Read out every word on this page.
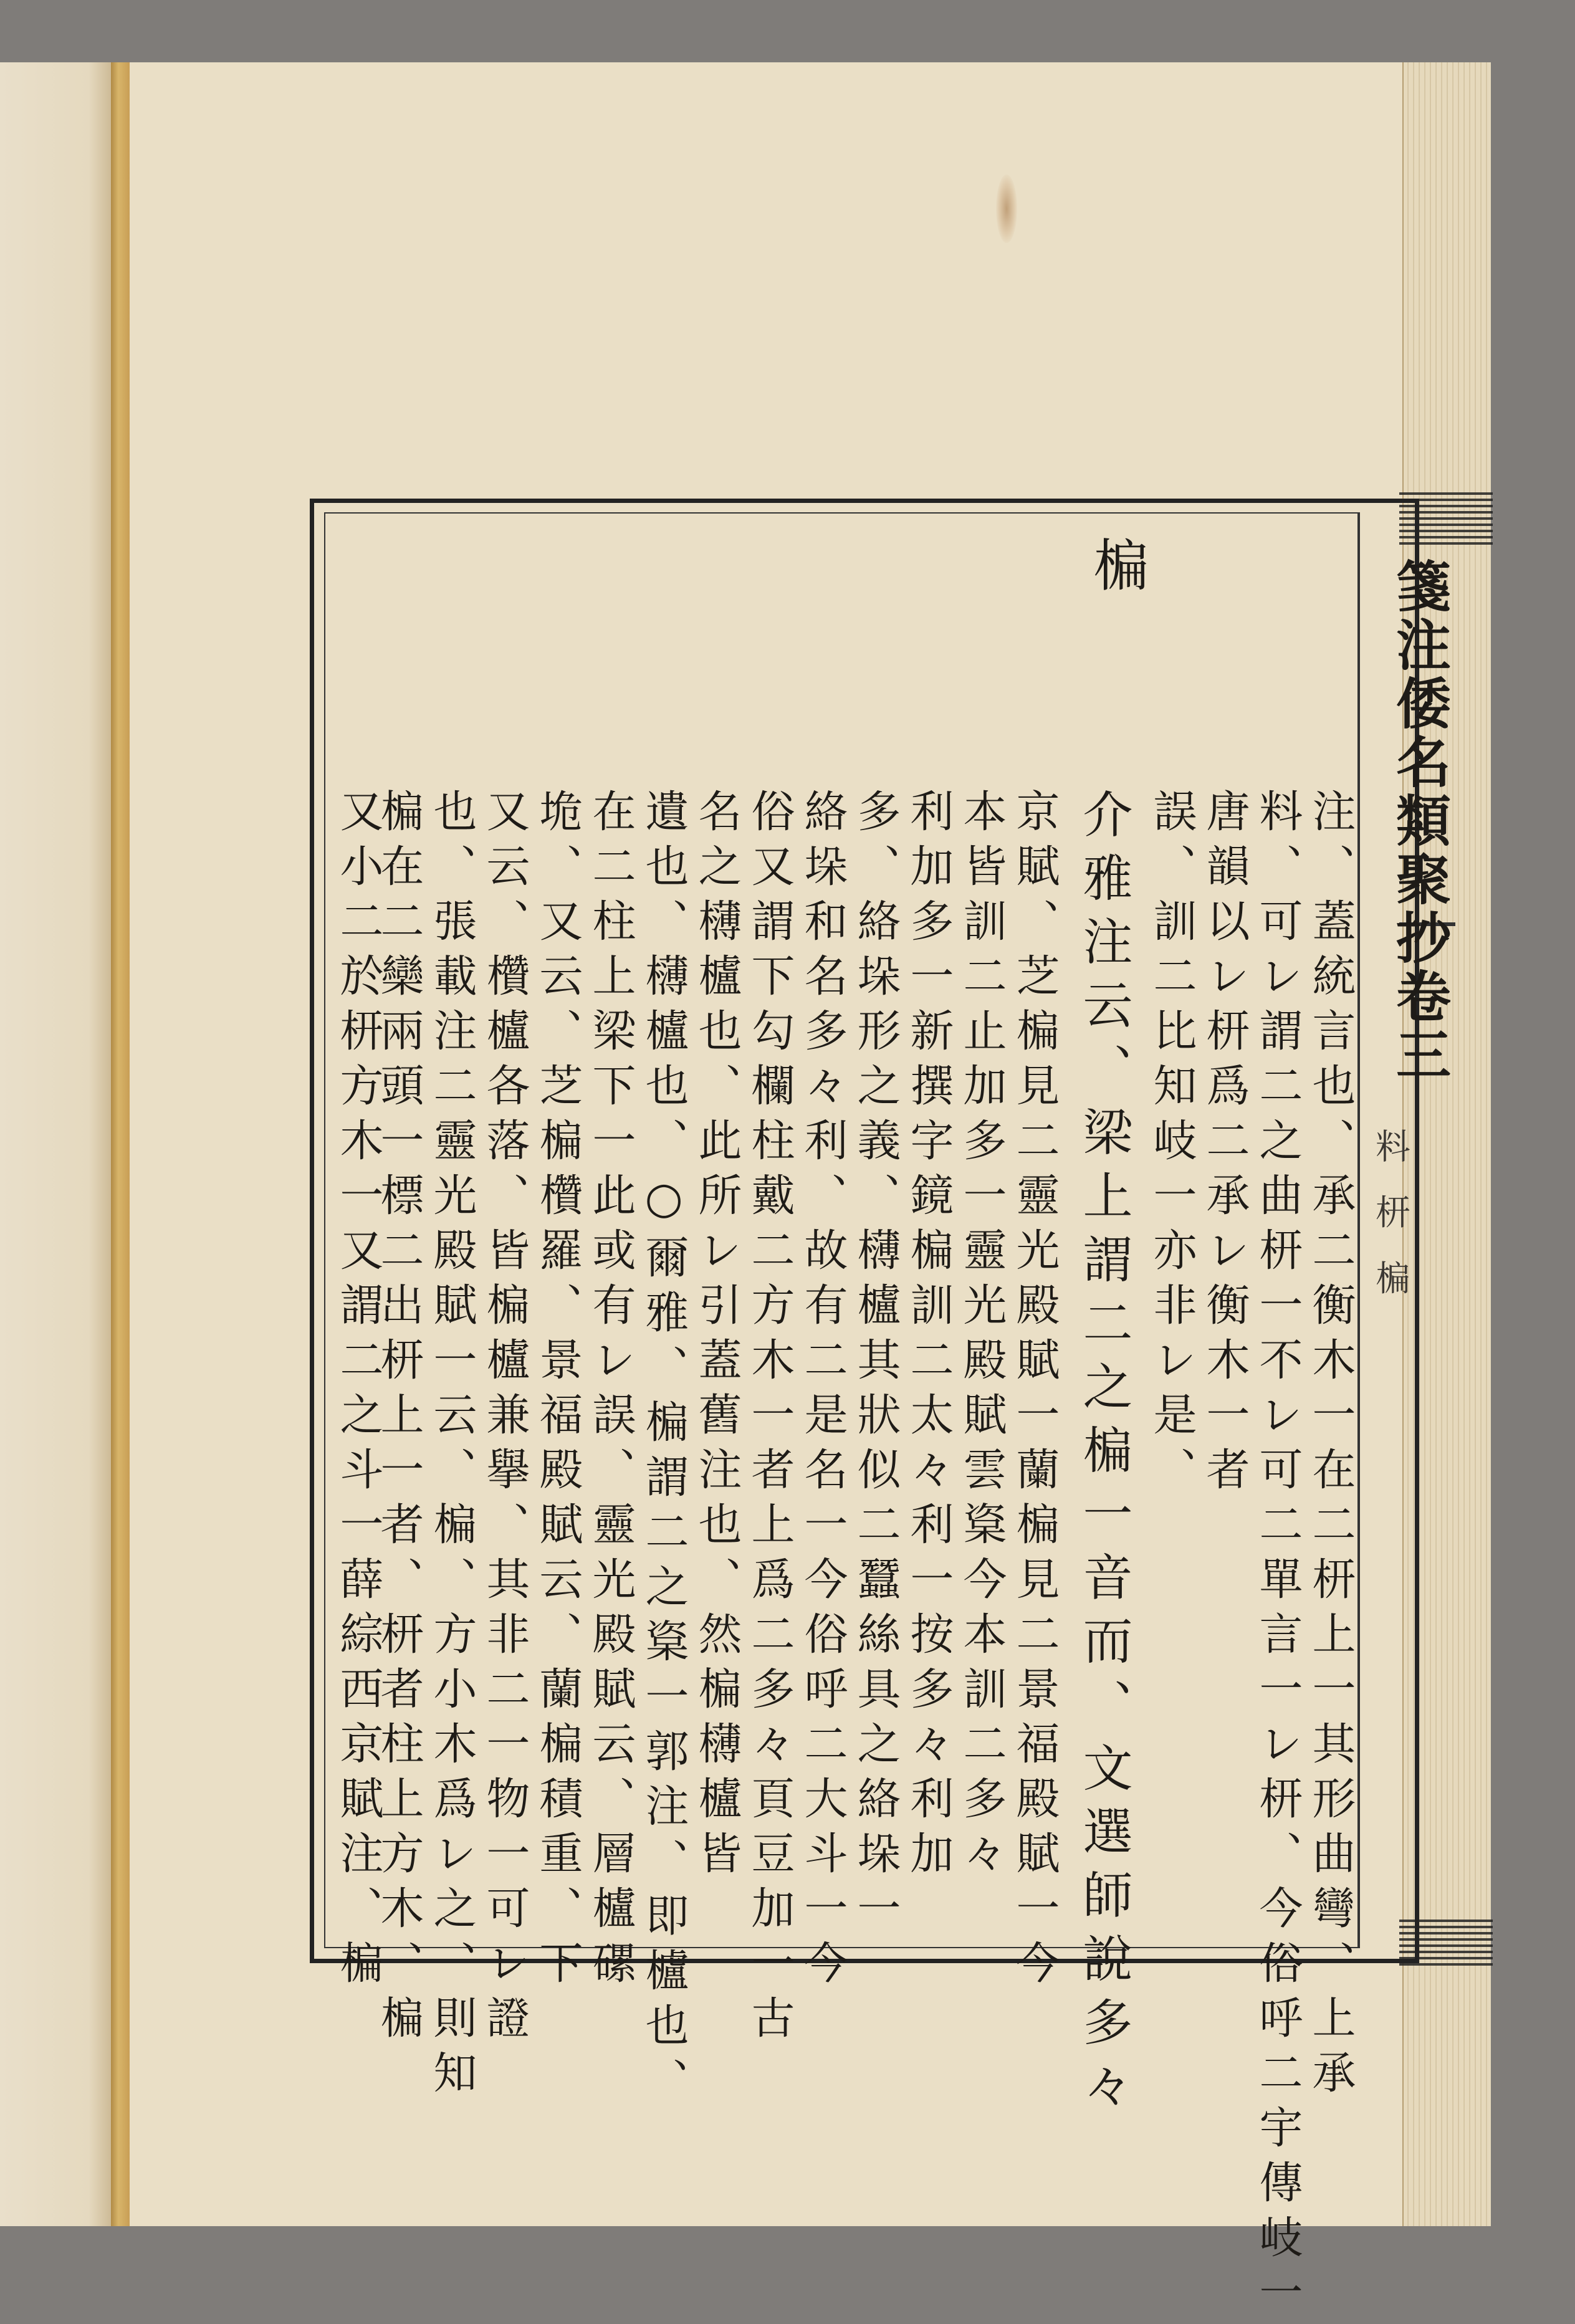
箋注倭名類聚抄卷三
料 枅 楄
楄
注、蓋統言也、承二衡木一在二枅上一其形曲彎、上承
料、可レ謂二之曲枅一不レ可二單言一レ枅、今俗呼二宇傳岐一
唐韻以レ枅爲二承レ衡木一者
誤、訓二比知岐一亦非レ是、
介雅注云、梁上謂二之楄一音而、文選師說多々
京賦、芝楄見二靈光殿賦一蘭楄見二景福殿賦一今
本皆訓二止加多一靈光殿賦雲楶今本訓二多々
利加多一新撰字鏡楄訓二太々利一按多々利加
多、絡垛形之義、欂櫨其狀似二蠶絲具之絡垛一
絡垛和名多々利、故有二是名一今俗呼二大斗一今
俗又謂下勾欄柱戴二方木一者上爲二多々頁豆加一古
名之欂櫨也、此所レ引蓋舊注也、然楄欂櫨皆
遺也、欂櫨也、○爾雅、楄謂二之楶一郭注、即櫨也、
在二柱上梁下一此或有レ誤、靈光殿賦云、層櫨磥
垝、又云、芝楄欑羅、景福殿賦云、蘭楄積重、下
又云、欑櫨各落、皆楄櫨兼擧、其非二一物一可レ證
也、張載注二靈光殿賦一云、楄、方小木爲レ之、則知
楄在二欒兩頭一標二出枅上一者、枅者柱上方木、楄
又小二於枅方木一又謂二之斗一薛綜西京賦注、楄
